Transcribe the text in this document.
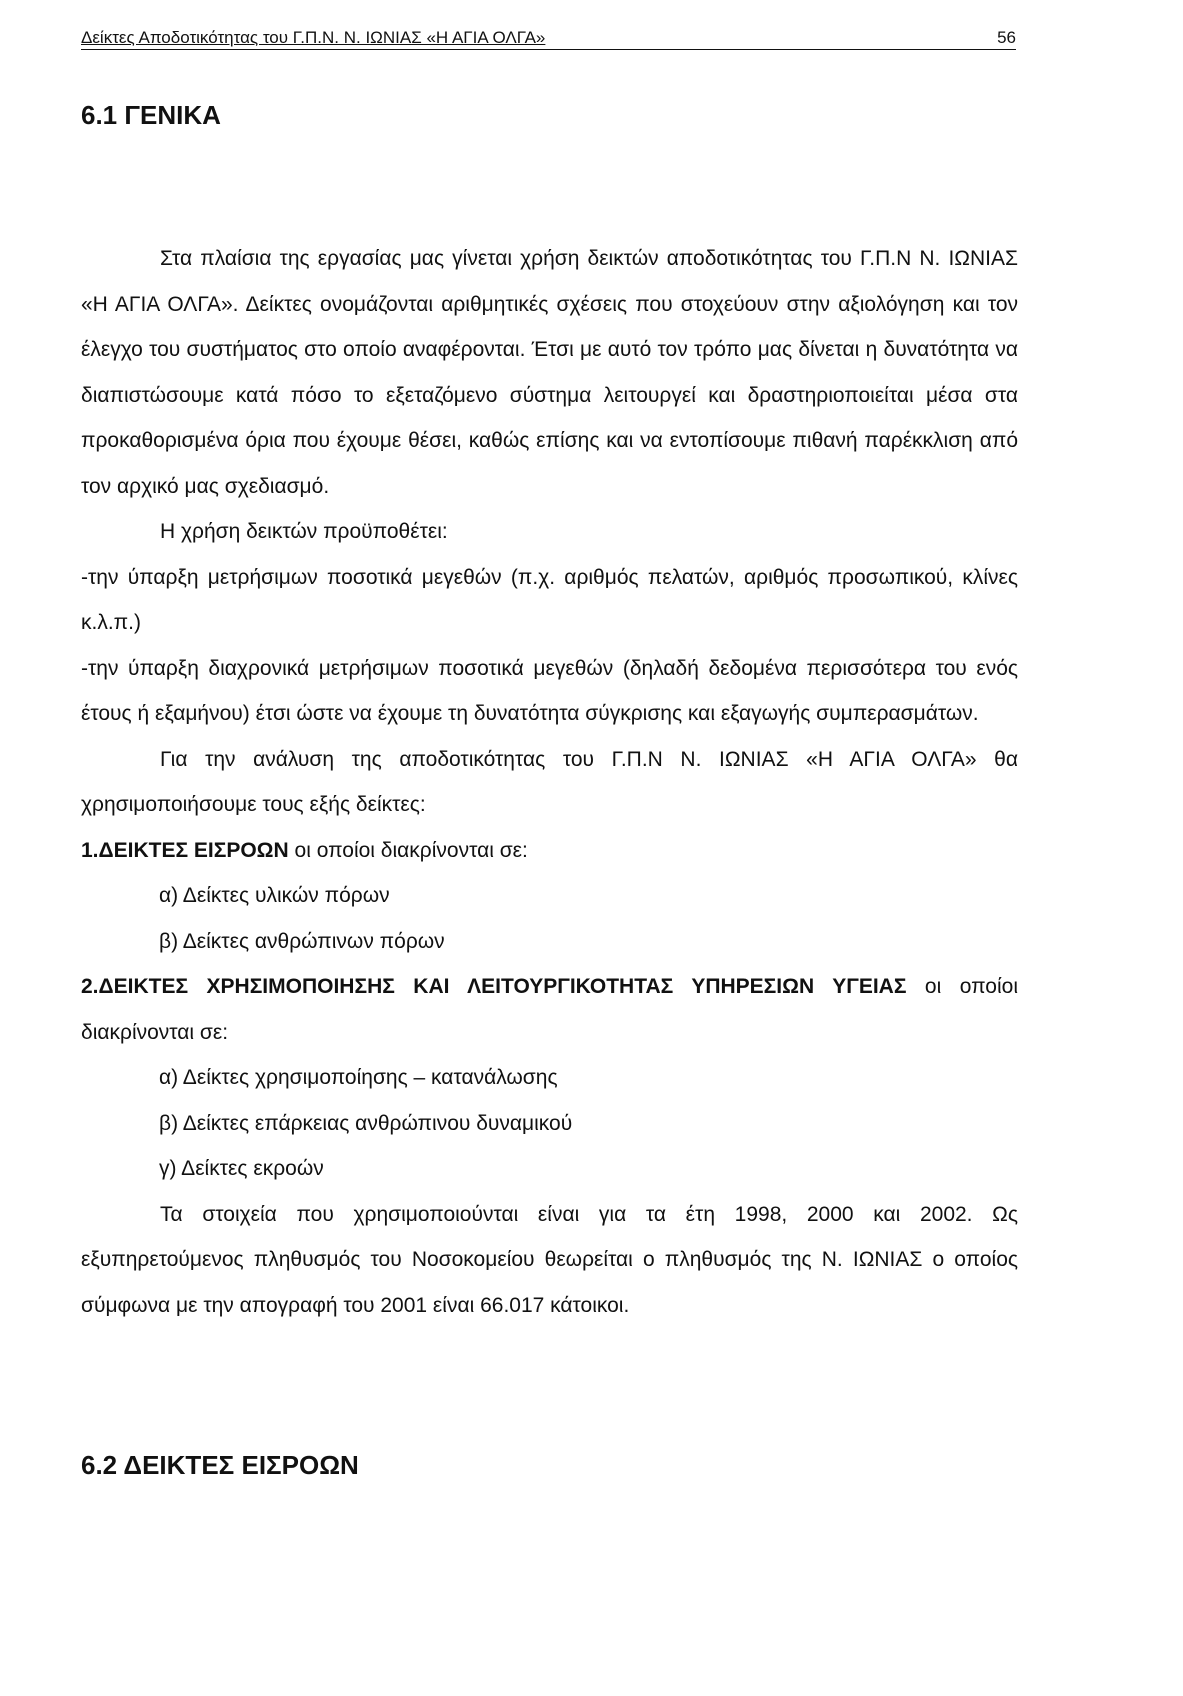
Δείκτες Αποδοτικότητας του Γ.Π.Ν. Ν. ΙΩΝΙΑΣ «Η ΑΓΙΑ ΟΛΓΑ»	56
6.1 ΓΕΝΙΚΑ

Στα πλαίσια της εργασίας μας γίνεται χρήση δεικτών αποδοτικότητας του Γ.Π.Ν Ν. ΙΩΝΙΑΣ «Η ΑΓΙΑ ΟΛΓΑ». Δείκτες ονομάζονται αριθμητικές σχέσεις που στοχεύουν στην αξιολόγηση και τον έλεγχο του συστήματος στο οποίο αναφέρονται. Έτσι με αυτό τον τρόπο μας δίνεται η δυνατότητα να διαπιστώσουμε κατά πόσο το εξεταζόμενο σύστημα λειτουργεί και δραστηριοποιείται μέσα στα προκαθορισμένα όρια που έχουμε θέσει, καθώς επίσης και να εντοπίσουμε πιθανή παρέκκλιση από τον αρχικό μας σχεδιασμό.

Η χρήση δεικτών προϋποθέτει:

-την ύπαρξη μετρήσιμων ποσοτικά μεγεθών (π.χ. αριθμός πελατών, αριθμός προσωπικού, κλίνες κ.λ.π.)

-την ύπαρξη διαχρονικά μετρήσιμων ποσοτικά μεγεθών (δηλαδή δεδομένα περισσότερα του ενός έτους ή εξαμήνου) έτσι ώστε να έχουμε τη δυνατότητα σύγκρισης και εξαγωγής συμπερασμάτων.

Για την ανάλυση της αποδοτικότητας του Γ.Π.Ν Ν. ΙΩΝΙΑΣ «Η ΑΓΙΑ ΟΛΓΑ» θα χρησιμοποιήσουμε τους εξής δείκτες:

1.ΔΕΙΚΤΕΣ ΕΙΣΡΟΩΝ οι οποίοι διακρίνονται σε:

α) Δείκτες υλικών πόρων

β) Δείκτες ανθρώπινων πόρων

2.ΔΕΙΚΤΕΣ ΧΡΗΣΙΜΟΠΟΙΗΣΗΣ ΚΑΙ ΛΕΙΤΟΥΡΓΙΚΟΤΗΤΑΣ ΥΠΗΡΕΣΙΩΝ ΥΓΕΙΑΣ οι οποίοι διακρίνονται σε:

α) Δείκτες χρησιμοποίησης – κατανάλωσης

β) Δείκτες επάρκειας ανθρώπινου δυναμικού

γ) Δείκτες εκροών

Τα στοιχεία που χρησιμοποιούνται είναι για τα έτη 1998, 2000 και 2002. Ως εξυπηρετούμενος πληθυσμός του Νοσοκομείου θεωρείται ο πληθυσμός της Ν. ΙΩΝΙΑΣ ο οποίος σύμφωνα με την απογραφή του 2001 είναι 66.017 κάτοικοι.

6.2 ΔΕΙΚΤΕΣ ΕΙΣΡΟΩΝ
